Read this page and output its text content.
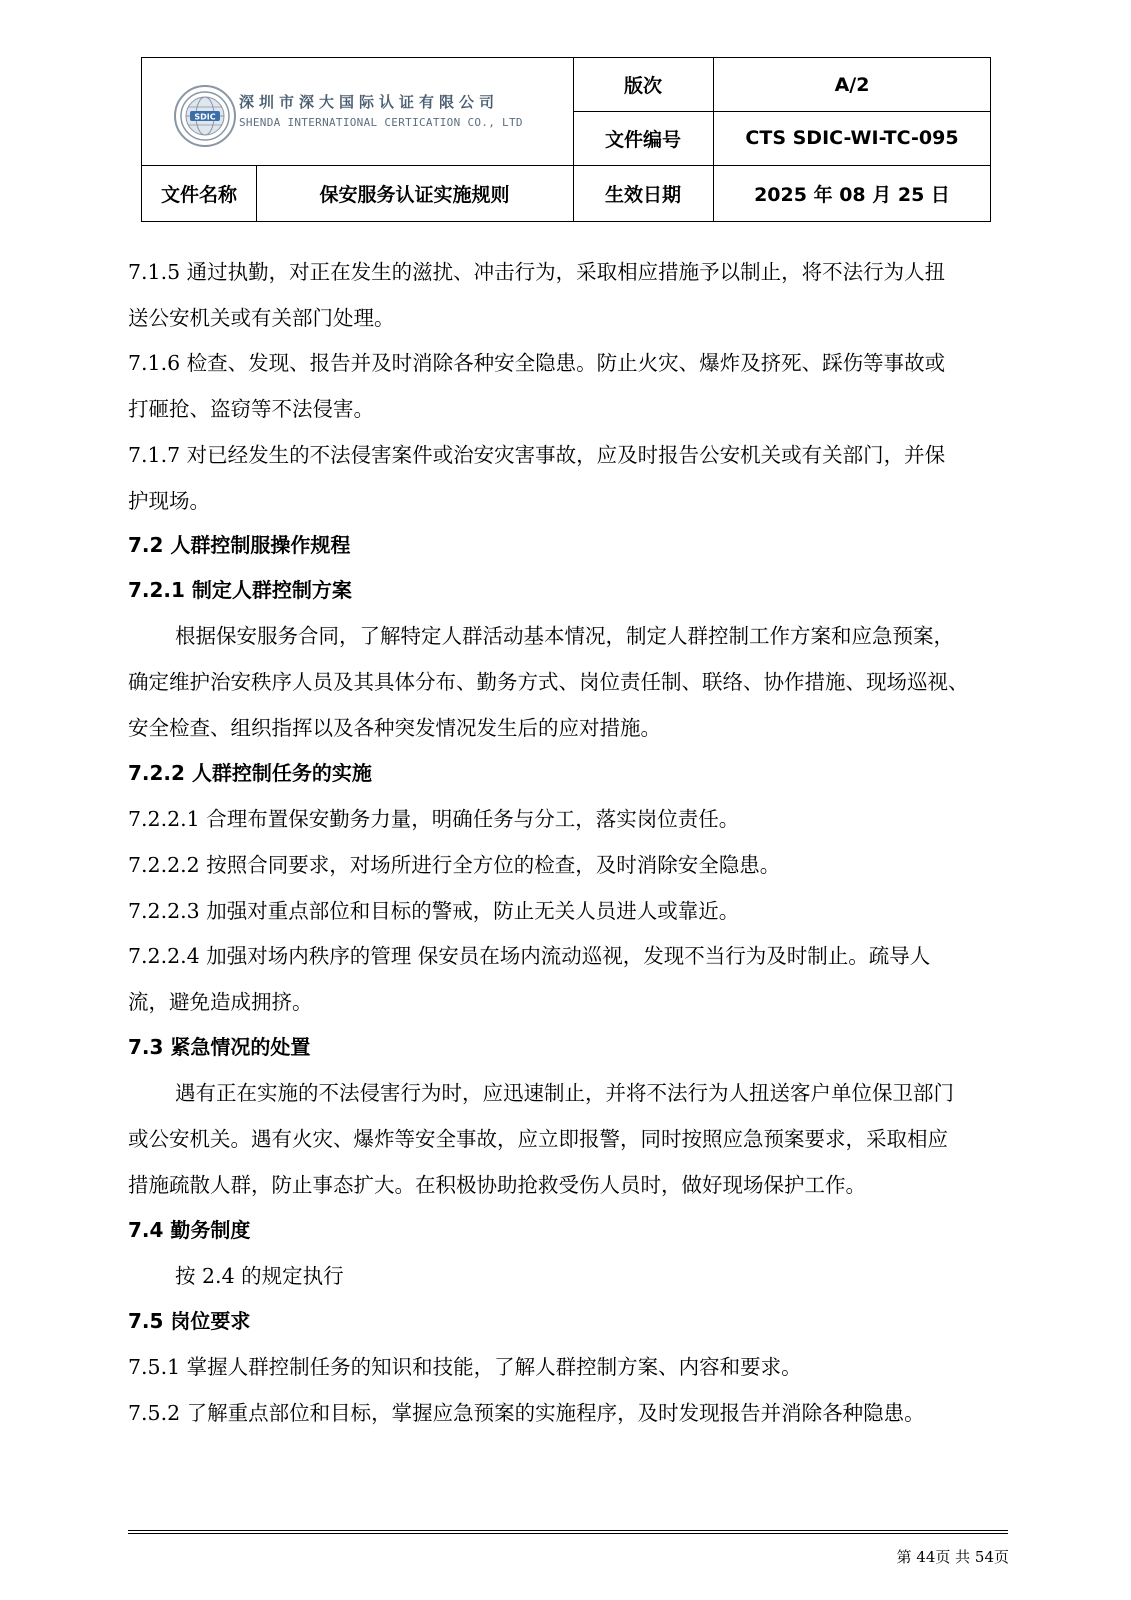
SDIC
深圳市深大国际认证有限公司
SHENDA INTERNATIONAL CERTICATION CO., LTD
版次	A/2
文件编号	CTS SDIC-WI-TC-095
文件名称	保安服务认证实施规则	生效日期	2025 年 08 月 25 日
7.1.5 通过执勤，对正在发生的滋扰、冲击行为，采取相应措施予以制止，将不法行为人扭
送公安机关或有关部门处理。
7.1.6 检查、发现、报告并及时消除各种安全隐患。防止火灾、爆炸及挤死、踩伤等事故或
打砸抢、盗窃等不法侵害。
7.1.7 对已经发生的不法侵害案件或治安灾害事故，应及时报告公安机关或有关部门，并保
护现场。
7.2 人群控制服操作规程
7.2.1 制定人群控制方案
根据保安服务合同，了解特定人群活动基本情况，制定人群控制工作方案和应急预案，
确定维护治安秩序人员及其具体分布、勤务方式、岗位责任制、联络、协作措施、现场巡视、
安全检查、组织指挥以及各种突发情况发生后的应对措施。
7.2.2 人群控制任务的实施
7.2.2.1 合理布置保安勤务力量，明确任务与分工，落实岗位责任。
7.2.2.2 按照合同要求，对场所进行全方位的检查，及时消除安全隐患。
7.2.2.3 加强对重点部位和目标的警戒，防止无关人员进人或靠近。
7.2.2.4 加强对场内秩序的管理 保安员在场内流动巡视，发现不当行为及时制止。疏导人
流，避免造成拥挤。
7.3 紧急情况的处置
遇有正在实施的不法侵害行为时，应迅速制止，并将不法行为人扭送客户单位保卫部门
或公安机关。遇有火灾、爆炸等安全事故，应立即报警，同时按照应急预案要求，采取相应
措施疏散人群，防止事态扩大。在积极协助抢救受伤人员时，做好现场保护工作。
7.4 勤务制度
按 2.4 的规定执行
7.5 岗位要求
7.5.1 掌握人群控制任务的知识和技能，了解人群控制方案、内容和要求。
7.5.2 了解重点部位和目标，掌握应急预案的实施程序，及时发现报告并消除各种隐患。
第 44页 共 54页
